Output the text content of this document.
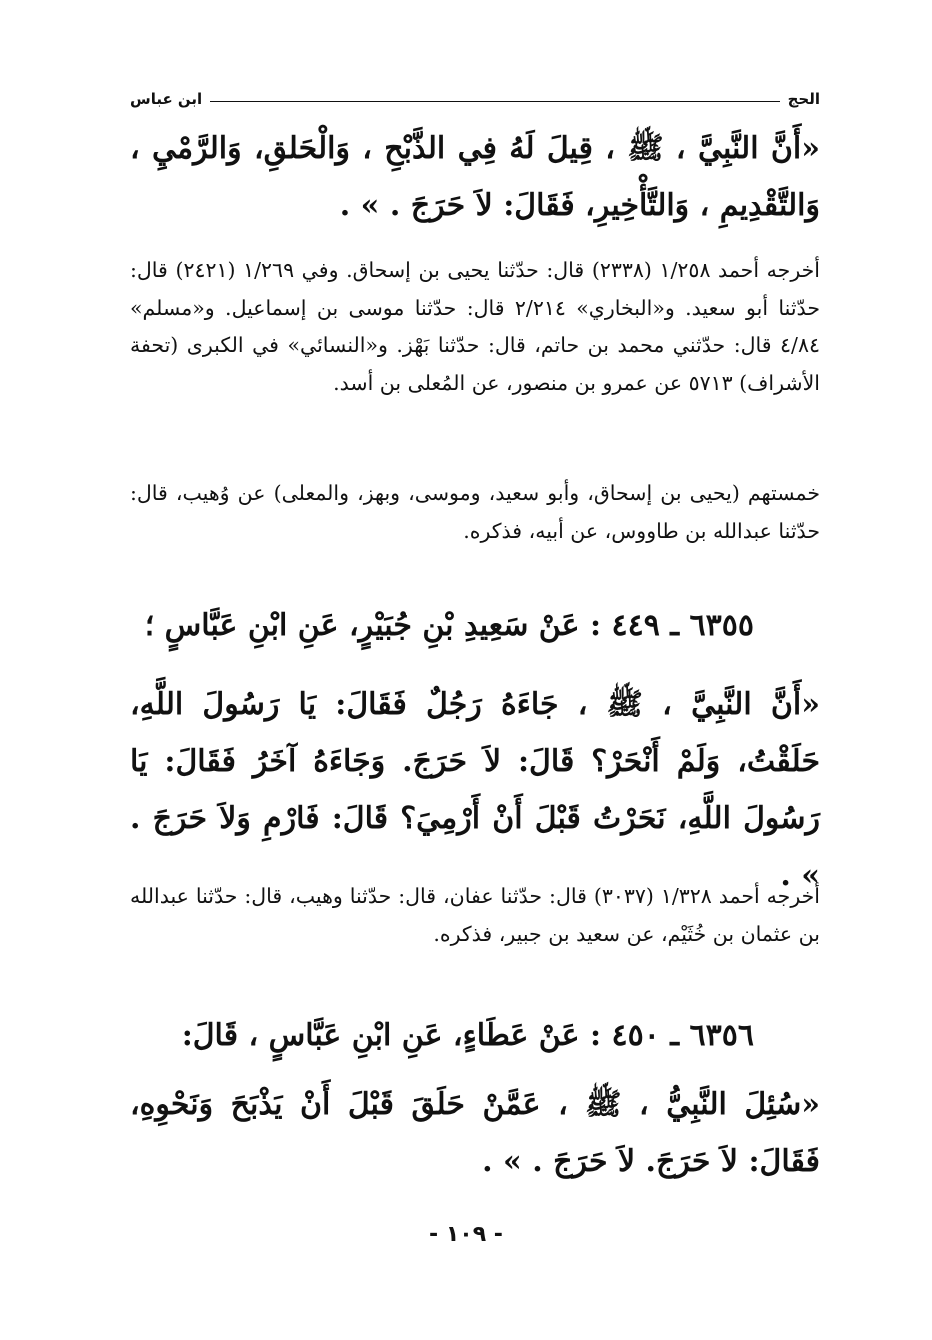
الحج
ابن عباس
«أَنَّ النَّبِيَّ ، ﷺ ، قِيلَ لَهُ فِي الذَّبْحِ ، وَالْحَلقِ، وَالرَّمْيِ ، وَالتَّقْدِيمِ ، وَالتَّأْخِيرِ، فَقَالَ: لاَ حَرَجَ . » .
أخرجه أحمد ١/٢٥٨ (٢٣٣٨) قال: حدّثنا يحيى بن إسحاق. وفي ١/٢٦٩ (٢٤٢١) قال: حدّثنا أبو سعيد. و«البخاري» ٢/٢١٤ قال: حدّثنا موسى بن إسماعيل. و«مسلم» ٤/٨٤ قال: حدّثني محمد بن حاتم، قال: حدّثنا بَهْز. و«النسائي» في الكبرى (تحفة الأشراف) ٥٧١٣ عن عمرو بن منصور، عن المُعلى بن أسد.
خمستهم (يحيى بن إسحاق، وأبو سعيد، وموسى، وبهز، والمعلى) عن وُهيب، قال: حدّثنا عبدالله بن طاووس، عن أبيه، فذكره.
٦٣٥٥ ـ ٤٤٩ : عَنْ سَعِيدِ بْنِ جُبَيْرٍ، عَنِ ابْنِ عَبَّاسٍ ؛
«أَنَّ النَّبِيَّ ، ﷺ ، جَاءَهُ رَجُلٌ فَقَالَ: يَا رَسُولَ اللَّهِ، حَلَقْتُ، وَلَمْ أَنْحَرْ؟ قَالَ: لاَ حَرَجَ. وَجَاءَهُ آخَرُ فَقَالَ: يَا رَسُولَ اللَّهِ، نَحَرْتُ قَبْلَ أَنْ أَرْمِيَ؟ قَالَ: فَارْمِ وَلاَ حَرَجَ . » .
أخرجه أحمد ١/٣٢٨ (٣٠٣٧) قال: حدّثنا عفان، قال: حدّثنا وهيب، قال: حدّثنا عبدالله بن عثمان بن خُثَيْم، عن سعيد بن جبير، فذكره.
٦٣٥٦ ـ ٤٥٠ : عَنْ عَطَاءٍ، عَنِ ابْنِ عَبَّاسٍ ، قَالَ:
«سُئِلَ النَّبِيُّ ، ﷺ ، عَمَّنْ حَلَقَ قَبْلَ أَنْ يَذْبَحَ وَنَحْوِهِ، فَقَالَ: لاَ حَرَجَ. لاَ حَرَجَ . » .
- ١٠٩ -
